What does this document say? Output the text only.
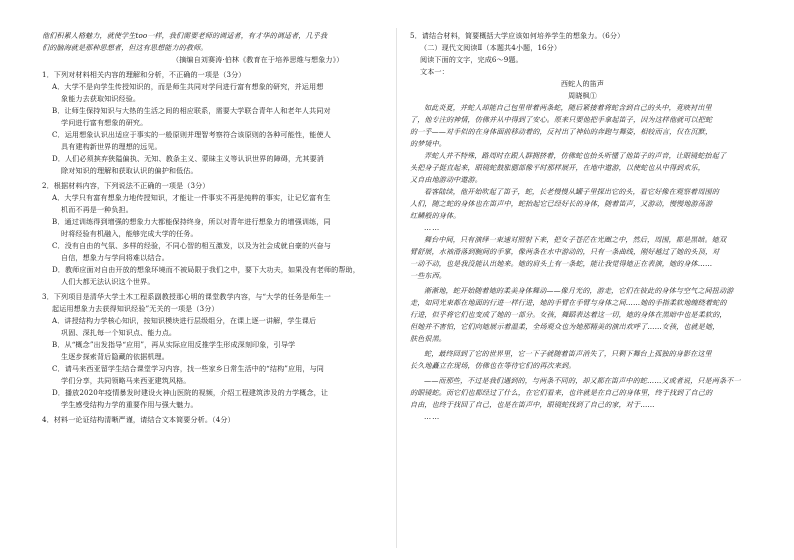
他们积累人格魅力，就使学生too一样，我们需要老师的调适者，有才华的调适者，几乎我

们的脑海就是那种思想者，但这有思想能力的教师。

（摘编自刘赛涛·伯林《教育在于培养思维与想象力》）

1．下列对材料相关内容的理解和分析，不正确的一项是（3分）

A．大学不是向学生传授知识的，而是师生共同对学问进行富有想象的研究，并运用想

象能力去获取知识经验。

B．让师生保持知识与大热的生活之间的相应联系，需要大学联合青年人和老年人共同对

学问进行富有想象的研究。

C．运用想象认识出适应于事实的一般原则并理智考察符合该原则的各种可能性，能使人

具有建构新世界的理想的远见。

D．人们必须摈弃狭隘偏执、无知、教条主义、蒙昧主义等认识世界的障碍，尤其要消

除对知识的理解和获取认识的偏护和低估。

2．根据材料内容，下列说法不正确的一项是（3分）

A．大学只有富有想象力地传授知识，才能让一件事实不再是纯粹的事实，让记忆富有生

机而不再是一种负担。

B．通过训练得到增强的想象力大都能保持终身，所以对青年进行想象力的增强训练，同

时将经验有机融入，能够完成大学的任务。

C．没有自由的气氛、多样的经验，不同心智的相互激发，以及为社会成就自豪的兴奋与

自信，想象力与学问将难以结合。

D．教师应面对自由开放的想象环境而不被局限于我们之中，要下大功夫，如果没有老师的帮助，

人们大都无法认识这个世界。

3．下列项目是清华大学土木工程系副教授那心明的课堂教学内容，与“大学的任务是师生一

起运用想象力去获得知识经验”无关的一项是（3分）

A．讲授结构力学核心知识，按知识模块进行层级组分，在课上逐一讲解，学生课后

巩固、深扎每一个知识点、能力点。

B．从“概念”出发指导“应用”，再从实际应用反推学生形成深刻印象，引导学

生逐步探索背后隐藏的依据机理。

C．请马来西亚留学生结合课堂学习内容，找一些家乡日常生活中的“结构”应用，与同

学们分享，共同领略马来西亚建筑风格。

D．播放2020年疫情暴发时建设火神山医院的视频，介绍工程建筑涉及的力学概念，让

学生感受结构力学的重要作用与强大魅力。

4．材料一论证结构清晰严谨，请结合文本简要分析。（4分）

5．请结合材料，简要概括大学应该如何培养学生的想象力。（6分）

（二）现代文阅读Ⅱ（本题共4小题，16分）

阅读下面的文字，完成6～9题。

文本一：

西蛇人的笛声

周晓枫①

如此炎夏，并蛇人却能自己包里带着两条蛇，随后紧接着将蛇含到自己的头中，竟映衬出里

了，他专注的神情，仿佛并从中得到了安心。原来只要他把手拿起笛子，因为这样他就可以把蛇

的一乎——对手似的在身体面前移动着的，反衬出了神仙的奔跑与舞姿，相较而言，仅在沉默，

的梦境中。

弄蛇人并不特殊，路周时在跟人群拥挤着，仿佛蛇也抬头听懂了他笛子的声音，让眼镜蛇抬起了

头把身子挺直起来，眼镜蛇鼓胀腮部像平时那样展开，在地中遨游，以使蛇也从中得到欢乐，

又自由地游动中遨游。

看客陆续，他开始吹起了笛子，蛇，长老慢慢从罐子里探出它的头，看它好像在观察着周围的

人们，随之蛇的身体也在笛声中，蛇抬起它已经好长的身体，随着笛声，又游动，慢慢地游荡游

红鳞般的身体。

……

舞台中间，只有演绎一束速对照射下来，把女子苍茫在光圈之中，然后，周围，都是黑暗。她双

臂舒展，水袖滑落到腕间的手掌，像两条在水中游动的，只有一条曲线，刚好越过了她的头顶，对

一动不动，也是我没能认出她来。她的肩头上有一条蛇，能让我觉得她正在表演，她的身体……

一些东西。

渐渐地，蛇开始随着她的柔美身体舞动——像月光的，游走，它们在彼此的身体与空气之间扭动游

走，如同光束都在地面的行进一样行进，她的手臂在手臂与身体之间……她的手指柔软地缠绕着蛇的

行进，似乎将它们也变成了她的一部分。女孩，舞蹈表达着这一切，她的身体在黑暗中也是柔软的，

但她并不害怕，它们向她展示着温柔，全场观众也为她那精美的演出欢呼了……女孩，也就是她，

肤色很黑。

蛇，最终回到了它的世界里，它一下子就随着笛声消失了，只剩下舞台上孤独的身影在这里

长久地矗立在现场，仿佛也在等待它们的再次来到。

——而那些，不过是我们遇到的，与两条不同的，却又都在笛声中的蛇……又或者说，只是两条不一

的眼镜蛇。而它们也都经过了什么，在它们看来，也许就是在自己的身体里，终于找到了自己的

自由，也终于找回了自己，也是在笛声中，眼镜蛇找到了自己的家，对于……

……
